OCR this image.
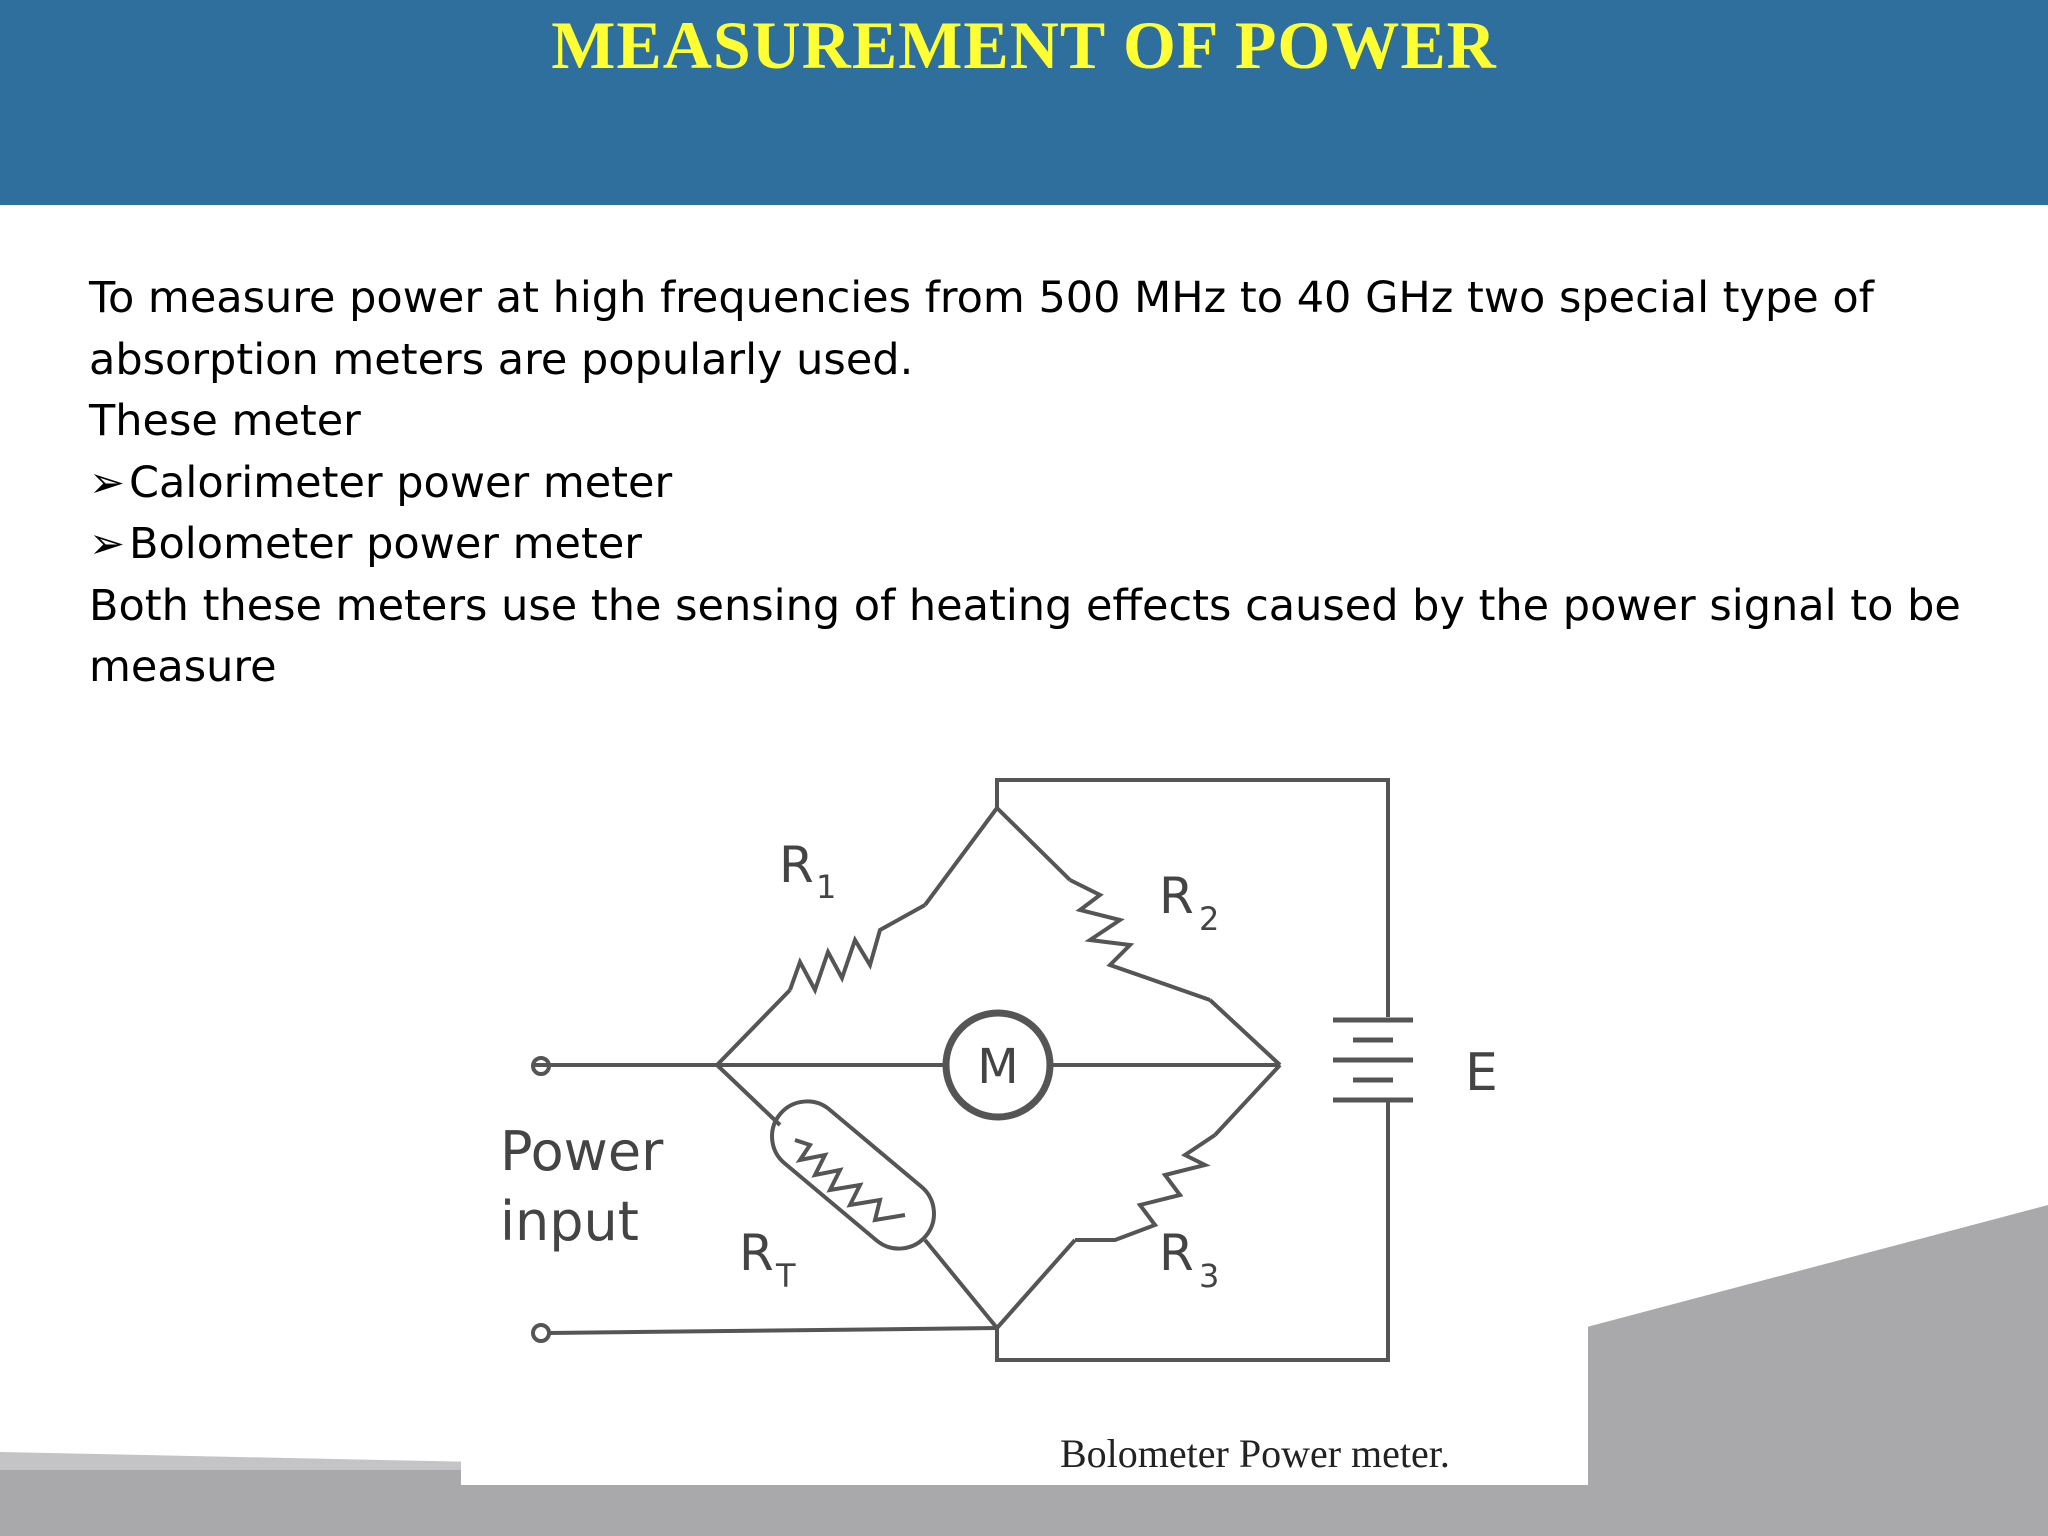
MEASUREMENT OF POWER

To measure power at high frequencies from 500 MHz to 40 GHz two special type of absorption meters are popularly used.

These meter

➢Calorimeter power meter

➢Bolometer power meter

Both these meters use the sensing of heating effects caused by the power signal to be measure

R 1	R 2
R 3
R T
M	E
Power
input
Bolometer Power meter.
